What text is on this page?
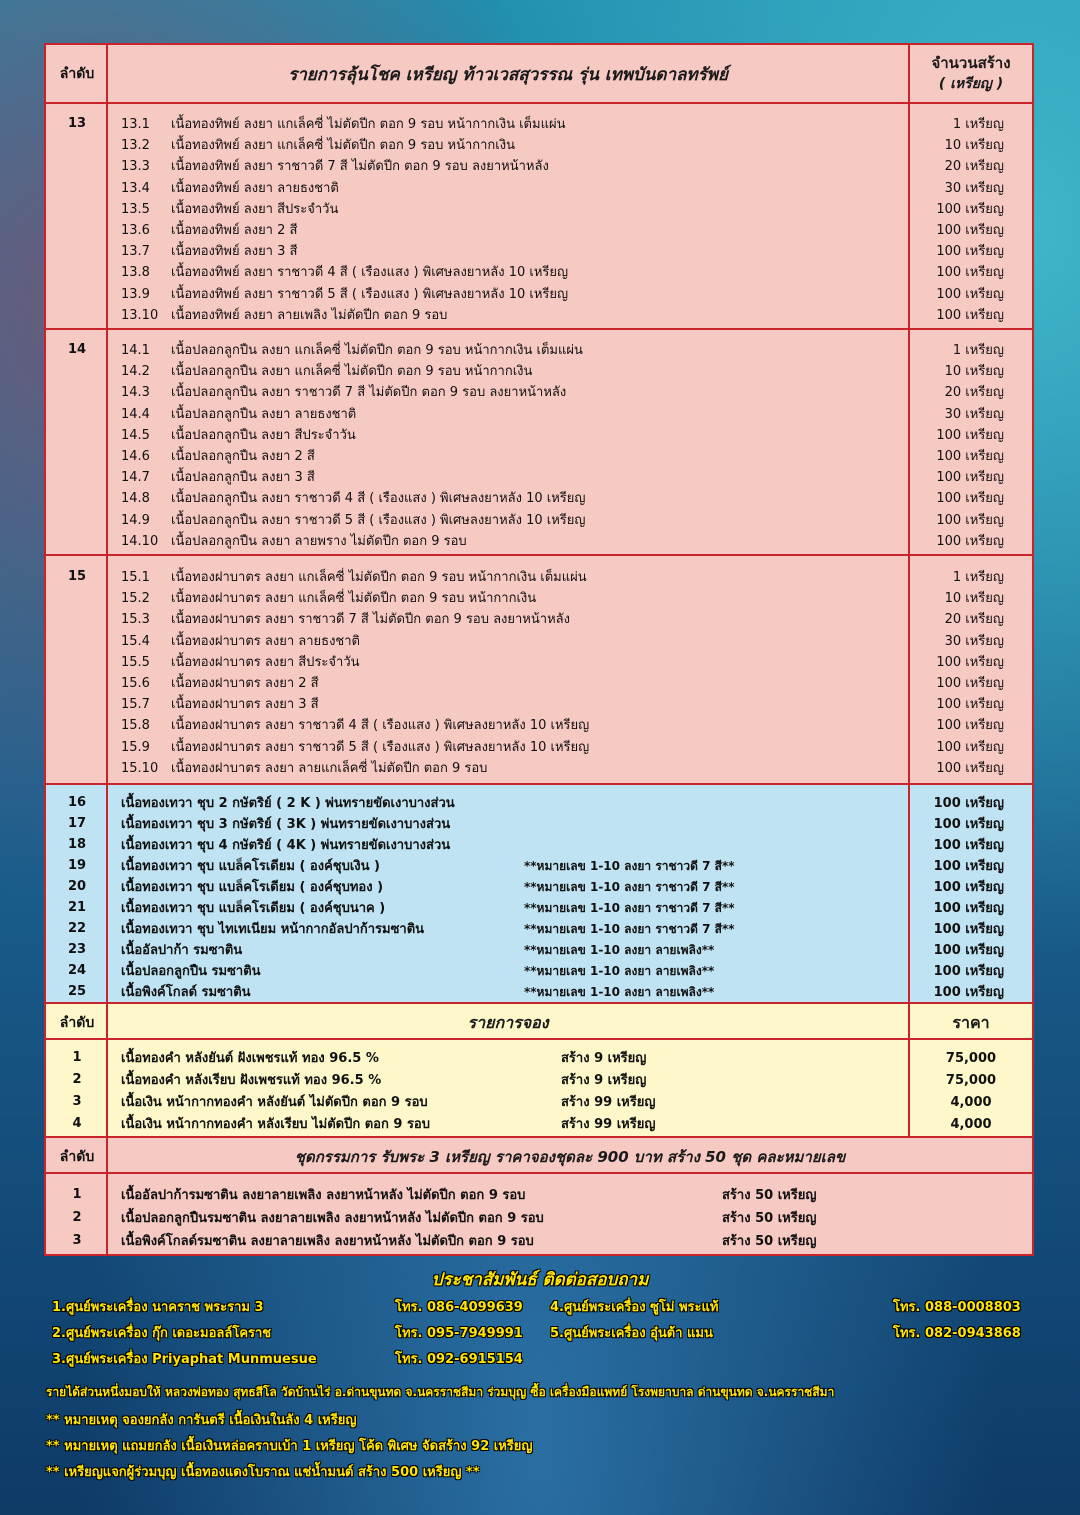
ลำดับ	รายการลุ้นโชค เหรียญ ท้าวเวสสุวรรณ รุ่น เทพบันดาลทรัพย์
จำนวนสร้าง
( เหรียญ )
13	13.1 เนื้อทองทิพย์ ลงยา แกเล็คซี่ ไม่ตัดปีก ตอก 9 รอบ หน้ากากเงิน เต็มแผ่น	1 เหรียญ
13.2 เนื้อทองทิพย์ ลงยา แกเล็คซี่ ไม่ตัดปีก ตอก 9 รอบ หน้ากากเงิน	10 เหรียญ
13.3 เนื้อทองทิพย์ ลงยา ราชาวดี 7 สี ไม่ตัดปีก ตอก 9 รอบ ลงยาหน้าหลัง	20 เหรียญ
13.4 เนื้อทองทิพย์ ลงยา ลายธงชาติ	30 เหรียญ
13.5 เนื้อทองทิพย์ ลงยา สีประจำวัน	100 เหรียญ
13.6 เนื้อทองทิพย์ ลงยา 2 สี	100 เหรียญ
13.7 เนื้อทองทิพย์ ลงยา 3 สี	100 เหรียญ
13.8 เนื้อทองทิพย์ ลงยา ราชาวดี 4 สี ( เรืองแสง ) พิเศษลงยาหลัง 10 เหรียญ	100 เหรียญ
13.9 เนื้อทองทิพย์ ลงยา ราชาวดี 5 สี ( เรืองแสง ) พิเศษลงยาหลัง 10 เหรียญ	100 เหรียญ
13.10 เนื้อทองทิพย์ ลงยา ลายเพลิง ไม่ตัดปีก ตอก 9 รอบ	100 เหรียญ
14	14.1 เนื้อปลอกลูกปืน ลงยา แกเล็คซี่ ไม่ตัดปีก ตอก 9 รอบ หน้ากากเงิน เต็มแผ่น	1 เหรียญ
14.2 เนื้อปลอกลูกปืน ลงยา แกเล็คซี่ ไม่ตัดปีก ตอก 9 รอบ หน้ากากเงิน	10 เหรียญ
14.3 เนื้อปลอกลูกปืน ลงยา ราชาวดี 7 สี ไม่ตัดปีก ตอก 9 รอบ ลงยาหน้าหลัง	20 เหรียญ
14.4 เนื้อปลอกลูกปืน ลงยา ลายธงชาติ	30 เหรียญ
14.5 เนื้อปลอกลูกปืน ลงยา สีประจำวัน	100 เหรียญ
14.6 เนื้อปลอกลูกปืน ลงยา 2 สี	100 เหรียญ
14.7 เนื้อปลอกลูกปืน ลงยา 3 สี	100 เหรียญ
14.8 เนื้อปลอกลูกปืน ลงยา ราชาวดี 4 สี ( เรืองแสง ) พิเศษลงยาหลัง 10 เหรียญ	100 เหรียญ
14.9 เนื้อปลอกลูกปืน ลงยา ราชาวดี 5 สี ( เรืองแสง ) พิเศษลงยาหลัง 10 เหรียญ	100 เหรียญ
14.10 เนื้อปลอกลูกปืน ลงยา ลายพราง ไม่ตัดปีก ตอก 9 รอบ	100 เหรียญ
15	15.1 เนื้อทองฝาบาตร ลงยา แกเล็คซี่ ไม่ตัดปีก ตอก 9 รอบ หน้ากากเงิน เต็มแผ่น	1 เหรียญ
15.2 เนื้อทองฝาบาตร ลงยา แกเล็คซี่ ไม่ตัดปีก ตอก 9 รอบ หน้ากากเงิน	10 เหรียญ
15.3 เนื้อทองฝาบาตร ลงยา ราชาวดี 7 สี ไม่ตัดปีก ตอก 9 รอบ ลงยาหน้าหลัง	20 เหรียญ
15.4 เนื้อทองฝาบาตร ลงยา ลายธงชาติ	30 เหรียญ
15.5 เนื้อทองฝาบาตร ลงยา สีประจำวัน	100 เหรียญ
15.6 เนื้อทองฝาบาตร ลงยา 2 สี	100 เหรียญ
15.7 เนื้อทองฝาบาตร ลงยา 3 สี	100 เหรียญ
15.8 เนื้อทองฝาบาตร ลงยา ราชาวดี 4 สี ( เรืองแสง ) พิเศษลงยาหลัง 10 เหรียญ	100 เหรียญ
15.9 เนื้อทองฝาบาตร ลงยา ราชาวดี 5 สี ( เรืองแสง ) พิเศษลงยาหลัง 10 เหรียญ	100 เหรียญ
15.10 เนื้อทองฝาบาตร ลงยา ลายแกเล็คซี่ ไม่ตัดปีก ตอก 9 รอบ	100 เหรียญ
16	เนื้อทองเทวา ชุบ 2 กษัตริย์ ( 2 K ) พ่นทรายขัดเงาบางส่วน	100 เหรียญ
17	เนื้อทองเทวา ชุบ 3 กษัตริย์ ( 3K ) พ่นทรายขัดเงาบางส่วน	100 เหรียญ
18	เนื้อทองเทวา ชุบ 4 กษัตริย์ ( 4K ) พ่นทรายขัดเงาบางส่วน	100 เหรียญ
19	เนื้อทองเทวา ชุบ แบล็คโรเดียม ( องค์ชุบเงิน )	**หมายเลข 1-10 ลงยา ราชาวดี 7 สี**	100 เหรียญ
20	เนื้อทองเทวา ชุบ แบล็คโรเดียม ( องค์ชุบทอง )	**หมายเลข 1-10 ลงยา ราชาวดี 7 สี**	100 เหรียญ
21	เนื้อทองเทวา ชุบ แบล็คโรเดียม ( องค์ชุบนาค )	**หมายเลข 1-10 ลงยา ราชาวดี 7 สี**	100 เหรียญ
22	เนื้อทองเทวา ชุบ ไทเทเนียม หน้ากากอัลปาก้ารมซาติน	**หมายเลข 1-10 ลงยา ราชาวดี 7 สี**	100 เหรียญ
23	เนื้ออัลปาก้า รมซาติน	**หมายเลข 1-10 ลงยา ลายเพลิง**	100 เหรียญ
24	เนื้อปลอกลูกปืน รมซาติน	**หมายเลข 1-10 ลงยา ลายเพลิง**	100 เหรียญ
25	เนื้อพิงค์โกลด์ รมซาติน	**หมายเลข 1-10 ลงยา ลายเพลิง**	100 เหรียญ
ลำดับ	รายการจอง	ราคา
1	เนื้อทองคำ หลังยันต์ ฝังเพชรแท้ ทอง 96.5 %	สร้าง 9 เหรียญ	75,000
2	เนื้อทองคำ หลังเรียบ ฝังเพชรแท้ ทอง 96.5 %	สร้าง 9 เหรียญ	75,000
3	เนื้อเงิน หน้ากากทองคำ หลังยันต์ ไม่ตัดปีก ตอก 9 รอบ	สร้าง 99 เหรียญ	4,000
4	เนื้อเงิน หน้ากากทองคำ หลังเรียบ ไม่ตัดปีก ตอก 9 รอบ	สร้าง 99 เหรียญ	4,000
ลำดับ	ชุดกรรมการ รับพระ 3 เหรียญ ราคาจองชุดละ 900 บาท สร้าง 50 ชุด คละหมายเลข
1	เนื้ออัลปาก้ารมซาติน ลงยาลายเพลิง ลงยาหน้าหลัง ไม่ตัดปีก ตอก 9 รอบ	สร้าง 50 เหรียญ
2	เนื้อปลอกลูกปืนรมซาติน ลงยาลายเพลิง ลงยาหน้าหลัง ไม่ตัดปีก ตอก 9 รอบ	สร้าง 50 เหรียญ
3	เนื้อพิงค์โกลด์รมซาติน ลงยาลายเพลิง ลงยาหน้าหลัง ไม่ตัดปีก ตอก 9 รอบ	สร้าง 50 เหรียญ
ประชาสัมพันธ์ ติดต่อสอบถาม
1.ศูนย์พระเครื่อง นาคราช พระราม 3	โทร. 086-4099639
2.ศูนย์พระเครื่อง กุ๊ก เดอะมอลล์โคราช	โทร. 095-7949991
3.ศูนย์พระเครื่อง Priyaphat Munmuesue	โทร. 092-6915154
4.ศูนย์พระเครื่อง ซูโม่ พระแท้	โทร. 088-0008803
5.ศูนย์พระเครื่อง อุ๋นต้า แมน	โทร. 082-0943868
รายได้ส่วนหนึ่งมอบให้ หลวงพ่อทอง สุทธสีโล วัดบ้านไร่ อ.ด่านขุนทด จ.นครราชสีมา ร่วมบุญ ซื้อ เครื่องมือแพทย์ โรงพยาบาล ด่านขุนทด จ.นครราชสีมา
** หมายเหตุ จองยกลัง การันตรี เนื้อเงินในลัง 4 เหรียญ
** หมายเหตุ แถมยกลัง เนื้อเงินหล่อคราบเบ้า 1 เหรียญ โค้ด พิเศษ จัดสร้าง 92 เหรียญ
** เหรียญแจกผู้ร่วมบุญ เนื้อทองแดงโบราณ แช่น้ำมนต์ สร้าง 500 เหรียญ **
